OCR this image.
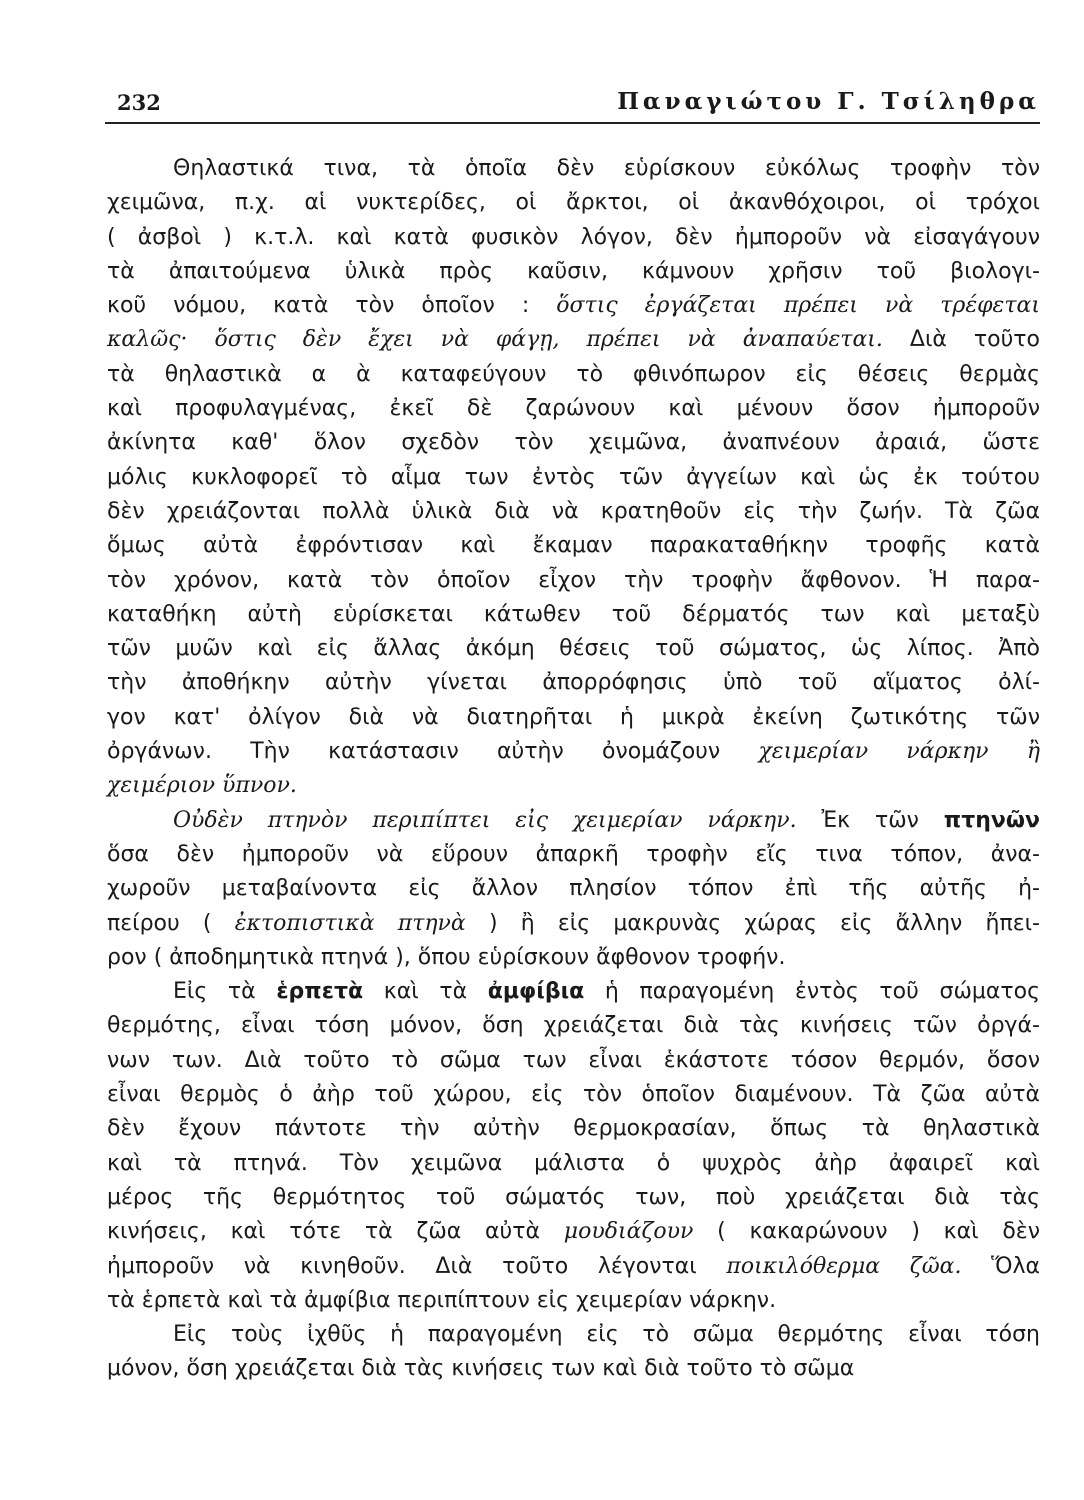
232	Παναγιώτου Γ. Τσίληθρα
Θηλαστικά τινα, τὰ ὁποῖα δὲν εὑρίσκουν εὐκόλως τροφὴν τὸν
χειμῶνα, π.χ. αἱ νυκτερίδες, οἱ ἄρκτοι, οἱ ἀκανθόχοιροι, οἱ τρόχοι
( ἀσβοὶ ) κ.τ.λ. καὶ κατὰ φυσικὸν λόγον, δὲν ἠμποροῦν νὰ εἰσαγάγουν
τὰ ἀπαιτούμενα ὑλικὰ πρὸς καῦσιν, κάμνουν χρῆσιν τοῦ βιολογι-
κοῦ νόμου, κατὰ τὸν ὁποῖον : ὅστις ἐργάζεται πρέπει νὰ τρέφεται
καλῶς· ὅστις δὲν ἔχει νὰ φάγῃ, πρέπει νὰ ἀναπαύεται. Διὰ τοῦτο
τὰ θηλαστικὰ α ὰ καταφεύγουν τὸ φθινόπωρον εἰς θέσεις θερμὰς
καὶ προφυλαγμένας, ἐκεῖ δὲ ζαρώνουν καὶ μένουν ὅσον ἠμποροῦν
ἀκίνητα καθ' ὅλον σχεδὸν τὸν χειμῶνα, ἀναπνέουν ἀραιά, ὥστε
μόλις κυκλοφορεῖ τὸ αἷμα των ἐντὸς τῶν ἀγγείων καὶ ὡς ἐκ τούτου
δὲν χρειάζονται πολλὰ ὑλικὰ διὰ νὰ κρατηθοῦν εἰς τὴν ζωήν. Τὰ ζῶα
ὅμως αὐτὰ ἐφρόντισαν καὶ ἔκαμαν παρακαταθήκην τροφῆς κατὰ
τὸν χρόνον, κατὰ τὸν ὁποῖον εἶχον τὴν τροφὴν ἄφθονον. Ἡ παρα-
καταθήκη αὐτὴ εὑρίσκεται κάτωθεν τοῦ δέρματός των καὶ μεταξὺ
τῶν μυῶν καὶ εἰς ἄλλας ἀκόμη θέσεις τοῦ σώματος, ὡς λίπος. Ἀπὸ
τὴν ἀποθήκην αὐτὴν γίνεται ἀπορρόφησις ὑπὸ τοῦ αἵματος ὀλί-
γον κατ' ὀλίγον διὰ νὰ διατηρῆται ἡ μικρὰ ἐκείνη ζωτικότης τῶν
ὀργάνων. Τὴν κατάστασιν αὐτὴν ὀνομάζουν χειμερίαν νάρκην ἢ
χειμέριον ὕπνον.
Οὐδὲν πτηνὸν περιπίπτει εἰς χειμερίαν νάρκην. Ἐκ τῶν πτηνῶν
ὅσα δὲν ἠμποροῦν νὰ εὕρουν ἀπαρκῆ τροφὴν εἴς τινα τόπον, ἀνα-
χωροῦν μεταβαίνοντα εἰς ἄλλον πλησίον τόπον ἐπὶ τῆς αὐτῆς ἠ-
πείρου ( ἐκτοπιστικὰ πτηνὰ ) ἢ εἰς μακρυνὰς χώρας εἰς ἄλλην ἤπει-
ρον ( ἀποδημητικὰ πτηνά ), ὅπου εὑρίσκουν ἄφθονον τροφήν.
Εἰς τὰ ἑρπετὰ καὶ τὰ ἀμφίβια ἡ παραγομένη ἐντὸς τοῦ σώματος
θερμότης, εἶναι τόση μόνον, ὅση χρειάζεται διὰ τὰς κινήσεις τῶν ὀργά-
νων των. Διὰ τοῦτο τὸ σῶμα των εἶναι ἑκάστοτε τόσον θερμόν, ὅσον
εἶναι θερμὸς ὁ ἀὴρ τοῦ χώρου, εἰς τὸν ὁποῖον διαμένουν. Τὰ ζῶα αὐτὰ
δὲν ἔχουν πάντοτε τὴν αὐτὴν θερμοκρασίαν, ὅπως τὰ θηλαστικὰ
καὶ τὰ πτηνά. Τὸν χειμῶνα μάλιστα ὁ ψυχρὸς ἀὴρ ἀφαιρεῖ καὶ
μέρος τῆς θερμότητος τοῦ σώματός των, ποὺ χρειάζεται διὰ τὰς
κινήσεις, καὶ τότε τὰ ζῶα αὐτὰ μουδιάζουν ( κακαρώνουν ) καὶ δὲν
ἠμποροῦν νὰ κινηθοῦν. Διὰ τοῦτο λέγονται ποικιλόθερμα ζῶα. Ὅλα
τὰ ἑρπετὰ καὶ τὰ ἀμφίβια περιπίπτουν εἰς χειμερίαν νάρκην.
Εἰς τοὺς ἰχθῦς ἡ παραγομένη εἰς τὸ σῶμα θερμότης εἶναι τόση
μόνον, ὅση χρειάζεται διὰ τὰς κινήσεις των καὶ διὰ τοῦτο τὸ σῶμα
